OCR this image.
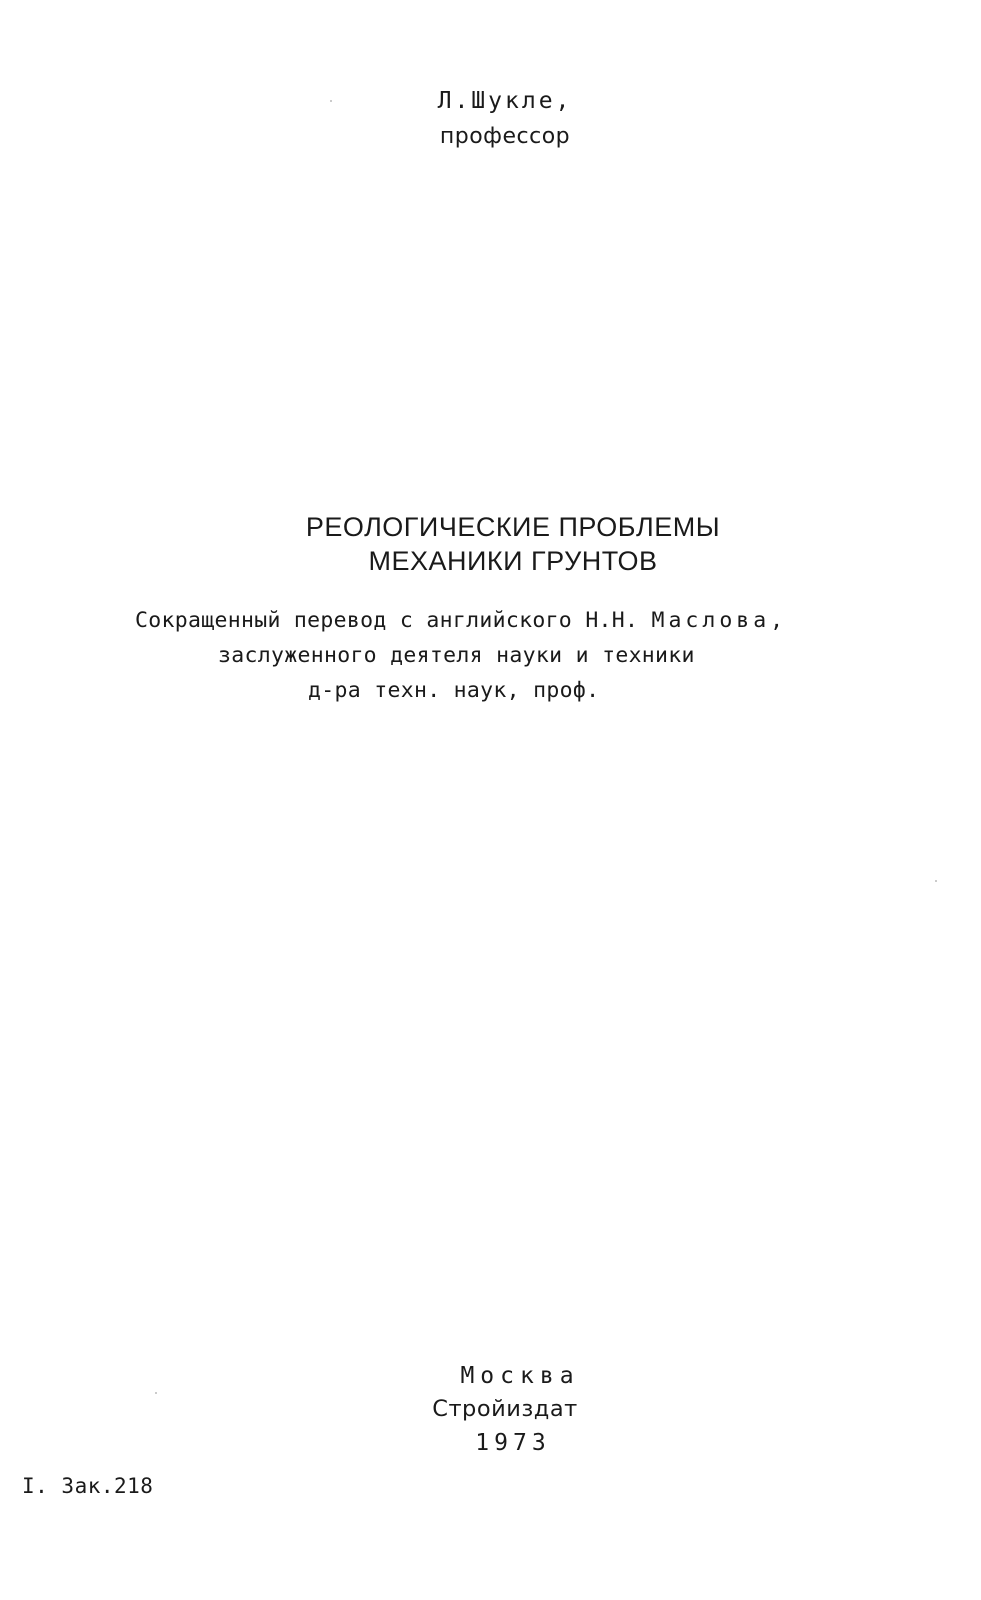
Л.Шукле,
профессор
РЕОЛОГИЧЕСКИЕ ПРОБЛЕМЫ
МЕХАНИКИ ГРУНТОВ
Сокращенный перевод с английского Н.Н. Маслова,
заслуженного деятеля науки и техники
д-ра техн. наук, проф.
Москва
Стройиздат
1973
I. Зак.218
